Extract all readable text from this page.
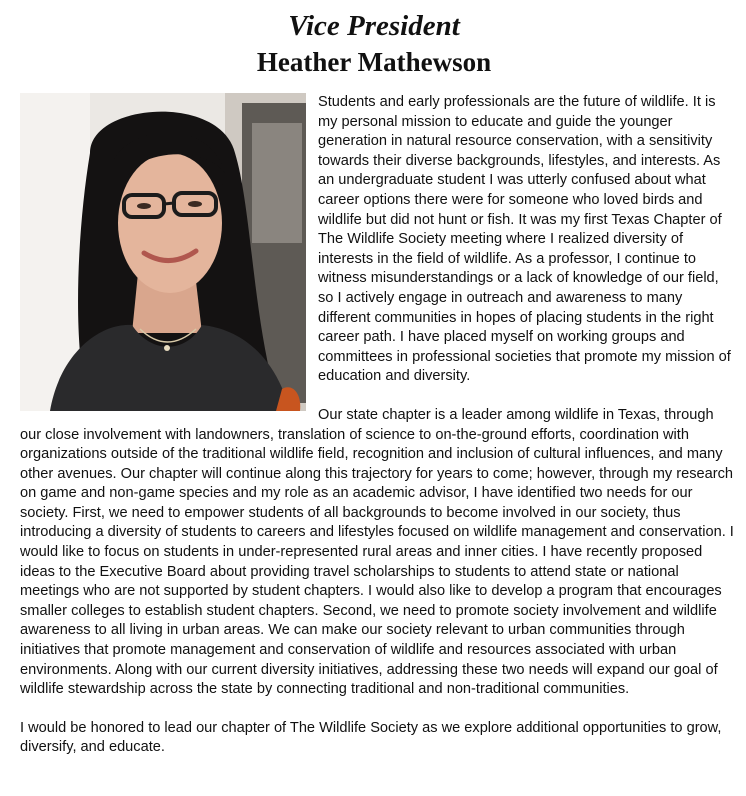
Vice President
Heather Mathewson

Students and early professionals are the future of wildlife. It is my personal mission to educate and guide the younger generation in natural resource conservation, with a sensitivity towards their diverse backgrounds, lifestyles, and interests. As an undergraduate student I was utterly confused about what career options there were for someone who loved birds and wildlife but did not hunt or fish. It was my first Texas Chapter of The Wildlife Society meeting where I realized diversity of interests in the field of wildlife. As a professor, I continue to witness misunderstandings or a lack of knowledge of our field, so I actively engage in outreach and awareness to many different communities in hopes of placing students in the right career path. I have placed myself on working groups and committees in professional societies that promote my mission of education and diversity.

Our state chapter is a leader among wildlife in Texas, through our close involvement with landowners, translation of science to on-the-ground efforts, coordination with organizations outside of the traditional wildlife field, recognition and inclusion of cultural influences, and many other avenues. Our chapter will continue along this trajectory for years to come; however, through my research on game and non-game species and my role as an academic advisor, I have identified two needs for our society. First, we need to empower students of all backgrounds to become involved in our society, thus introducing a diversity of students to careers and lifestyles focused on wildlife management and conservation. I would like to focus on students in under-represented rural areas and inner cities. I have recently proposed ideas to the Executive Board about providing travel scholarships to students to attend state or national meetings who are not supported by student chapters. I would also like to develop a program that encourages smaller colleges to establish student chapters. Second, we need to promote society involvement and wildlife awareness to all living in urban areas. We can make our society relevant to urban communities through initiatives that promote management and conservation of wildlife and resources associated with urban environments. Along with our current diversity initiatives, addressing these two needs will expand our goal of wildlife stewardship across the state by connecting traditional and non-traditional communities.

I would be honored to lead our chapter of The Wildlife Society as we explore additional opportunities to grow, diversify, and educate.
